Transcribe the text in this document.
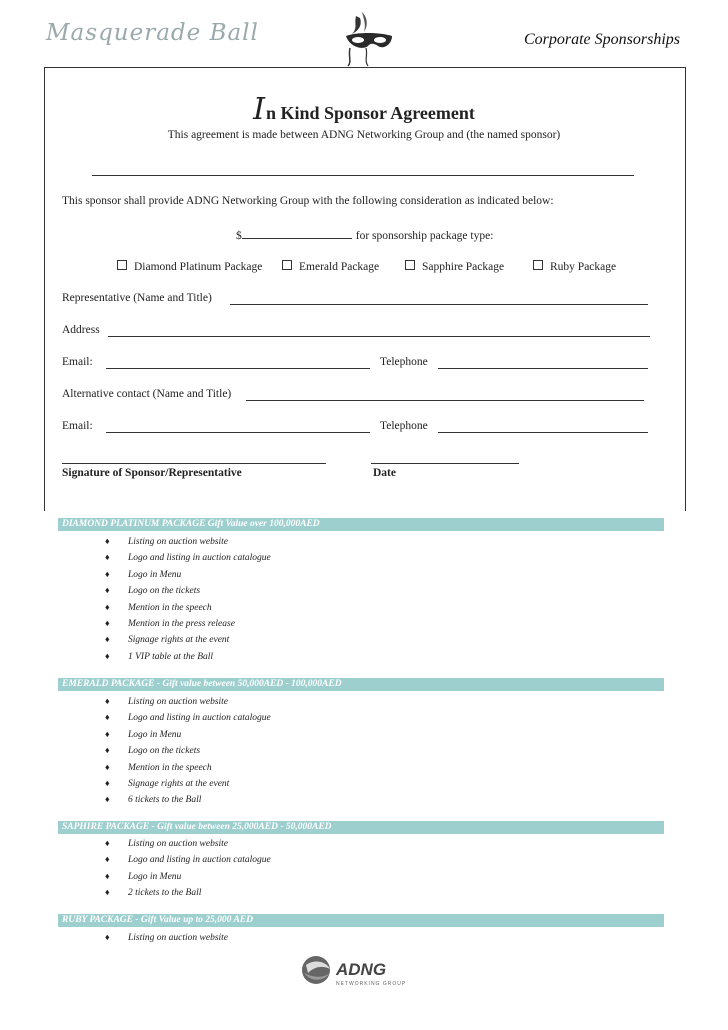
Masquerade Ball	Corporate Sponsorships
In Kind Sponsor Agreement
This agreement is made between ADNG Networking Group and (the named sponsor)
This sponsor shall provide ADNG Networking Group with the following consideration as indicated below:
$	for sponsorship package type:
Diamond Platinum Package	Emerald Package	Sapphire Package	Ruby Package
Representative (Name and Title)
Address
Email:	Telephone
Alternative contact (Name and Title)
Email:	Telephone
Signature of Sponsor/Representative	Date
DIAMOND PLATINUM PACKAGE Gift Value over 100,000AED
♦ Listing on auction website
♦ Logo and listing in auction catalogue
♦ Logo in Menu
♦ Logo on the tickets
♦ Mention in the speech
♦ Mention in the press release
♦ Signage rights at the event
♦ 1 VIP table at the Ball
EMERALD PACKAGE - Gift value between 50,000AED - 100,000AED
♦ Listing on auction website
♦ Logo and listing in auction catalogue
♦ Logo in Menu
♦ Logo on the tickets
♦ Mention in the speech
♦ Signage rights at the event
♦ 6 tickets to the Ball
SAPHIRE PACKAGE - Gift value between 25,000AED - 50,000AED
♦ Listing on auction website
♦ Logo and listing in auction catalogue
♦ Logo in Menu
♦ 2 tickets to the Ball
RUBY PACKAGE - Gift Value up to 25,000 AED
♦ Listing on auction website
ADNG
NETWORKING GROUP
